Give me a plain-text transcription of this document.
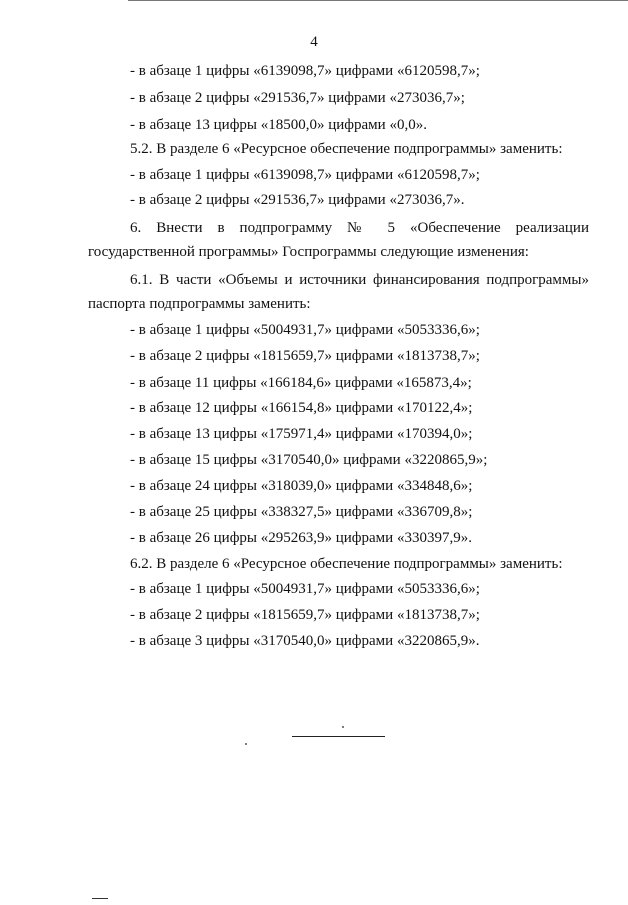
4
- в абзаце 1 цифры «6139098,7» цифрами «6120598,7»;
- в абзаце 2 цифры «291536,7» цифрами «273036,7»;
- в абзаце 13 цифры «18500,0» цифрами «0,0».
5.2. В разделе 6 «Ресурсное обеспечение подпрограммы» заменить:
- в абзаце 1 цифры «6139098,7» цифрами «6120598,7»;
- в абзаце 2 цифры «291536,7» цифрами «273036,7».
6. Внести в подпрограмму № 5 «Обеспечение реализации
государственной программы» Госпрограммы следующие изменения:
6.1. В части «Объемы и источники финансирования подпрограммы»
паспорта подпрограммы заменить:
- в абзаце 1 цифры «5004931,7» цифрами «5053336,6»;
- в абзаце 2 цифры «1815659,7» цифрами «1813738,7»;
- в абзаце 11 цифры «166184,6» цифрами «165873,4»;
- в абзаце 12 цифры «166154,8» цифрами «170122,4»;
- в абзаце 13 цифры «175971,4» цифрами «170394,0»;
- в абзаце 15 цифры «3170540,0» цифрами «3220865,9»;
- в абзаце 24 цифры «318039,0» цифрами «334848,6»;
- в абзаце 25 цифры «338327,5» цифрами «336709,8»;
- в абзаце 26 цифры «295263,9» цифрами «330397,9».
6.2. В разделе 6 «Ресурсное обеспечение подпрограммы» заменить:
- в абзаце 1 цифры «5004931,7» цифрами «5053336,6»;
- в абзаце 2 цифры «1815659,7» цифрами «1813738,7»;
- в абзаце 3 цифры «3170540,0» цифрами «3220865,9».
